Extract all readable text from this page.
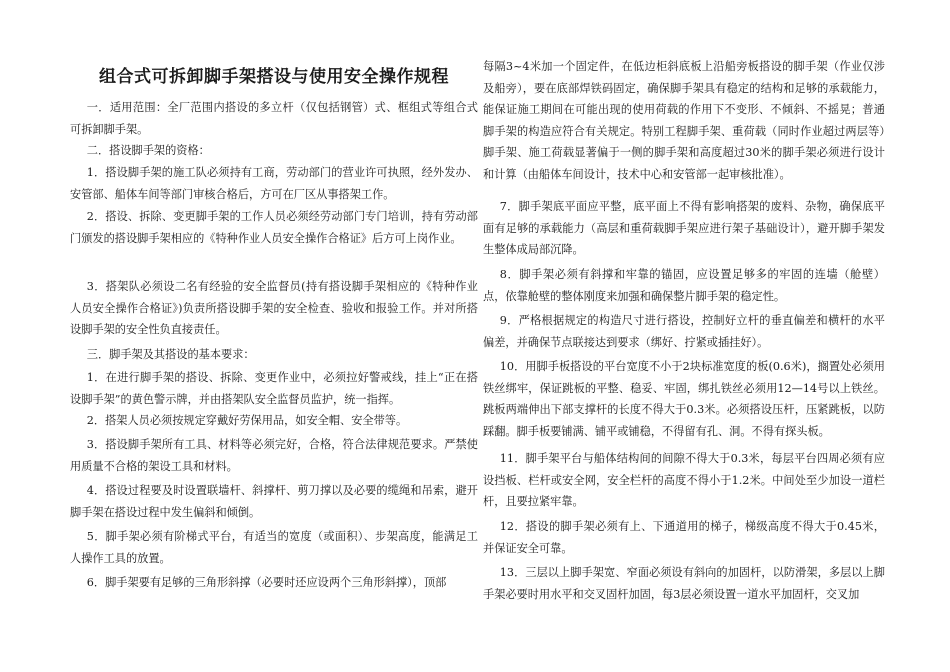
组合式可拆卸脚手架搭设与使用安全操作规程

一．适用范围：全厂范围内搭设的多立杆（仅包括钢管）式、框组式等组合式可拆卸脚手架。

二．搭设脚手架的资格：

1．搭设脚手架的施工队必须持有工商，劳动部门的营业许可执照，经外发办、安管部、船体车间等部门审核合格后，方可在厂区从事搭架工作。

2．搭设、拆除、变更脚手架的工作人员必须经劳动部门专门培训，持有劳动部门颁发的搭设脚手架相应的《特种作业人员安全操作合格证》后方可上岗作业。

3．搭架队必须设二名有经验的安全监督员(持有搭设脚手架相应的《特种作业人员安全操作合格证》)负责所搭设脚手架的安全检查、验收和报验工作。并对所搭设脚手架的安全性负直接责任。

三．脚手架及其搭设的基本要求：

1．在进行脚手架的搭设、拆除、变更作业中，必须拉好警戒线，挂上“正在搭设脚手架”的黄色警示牌，并由搭架队安全监督员监护，统一指挥。

2．搭架人员必须按规定穿戴好劳保用品，如安全帽、安全带等。

3．搭设脚手架所有工具、材料等必须完好，合格，符合法律规范要求。严禁使用质量不合格的架设工具和材料。

4．搭设过程要及时设置联墙杆、斜撑杆、剪刀撑以及必要的缆绳和吊索，避开脚手架在搭设过程中发生偏斜和倾倒。

5．脚手架必须有阶梯式平台，有适当的宽度（或面积）、步架高度，能满足工人操作工具的放置。

6．脚手架要有足够的三角形斜撑（必要时还应设两个三角形斜撑），顶部

每隔3~4米加一个固定件，在低边柜斜底板上沿船旁板搭设的脚手架（作业仅涉及船旁），要在底部焊铁码固定，确保脚手架具有稳定的结构和足够的承载能力，能保证施工期间在可能出现的使用荷载的作用下不变形、不倾斜、不摇晃；普通脚手架的构造应符合有关规定。特别工程脚手架、重荷载（同时作业超过两层等）脚手架、施工荷载显著偏于一侧的脚手架和高度超过30米的脚手架必须进行设计和计算（由船体车间设计，技术中心和安管部一起审核批准）。

7．脚手架底平面应平整，底平面上不得有影响搭架的废料、杂物，确保底平面有足够的承载能力（高层和重荷载脚手架应进行架子基础设计），避开脚手架发生整体成局部沉降。

8．脚手架必须有斜撑和牢靠的锚固，应设置足够多的牢固的连墙（舱壁）点，依靠舱壁的整体刚度来加强和确保整片脚手架的稳定性。

9．严格根据规定的构造尺寸进行搭设，控制好立杆的垂直偏差和横杆的水平偏差，并确保节点联接达到要求（绑好、拧紧或插挂好）。

10．用脚手板搭设的平台宽度不小于2块标准宽度的板(0.6米)，搁置处必须用铁丝绑牢，保证跳板的平整、稳妥、牢固，绑扎铁丝必须用12—14号以上铁丝。跳板两端伸出下部支撑杆的长度不得大于0.3米。必须搭设压杆，压紧跳板，以防踩翻。脚手板要铺满、铺平或铺稳，不得留有孔、洞。不得有探头板。

11．脚手架平台与船体结构间的间隙不得大于0.3米，每层平台四周必须有应设挡板、栏杆或安全网，安全栏杆的高度不得小于1.2米。中间处至少加设一道栏杆，且要拉紧牢靠。

12．搭设的脚手架必须有上、下通道用的梯子，梯级高度不得大于0.45米，并保证安全可靠。

13．三层以上脚手架宽、窄面必须设有斜向的加固杆，以防滑架，多层以上脚手架必要时用水平和交叉固杆加固，每3层必须设置一道水平加固杆，交叉加
